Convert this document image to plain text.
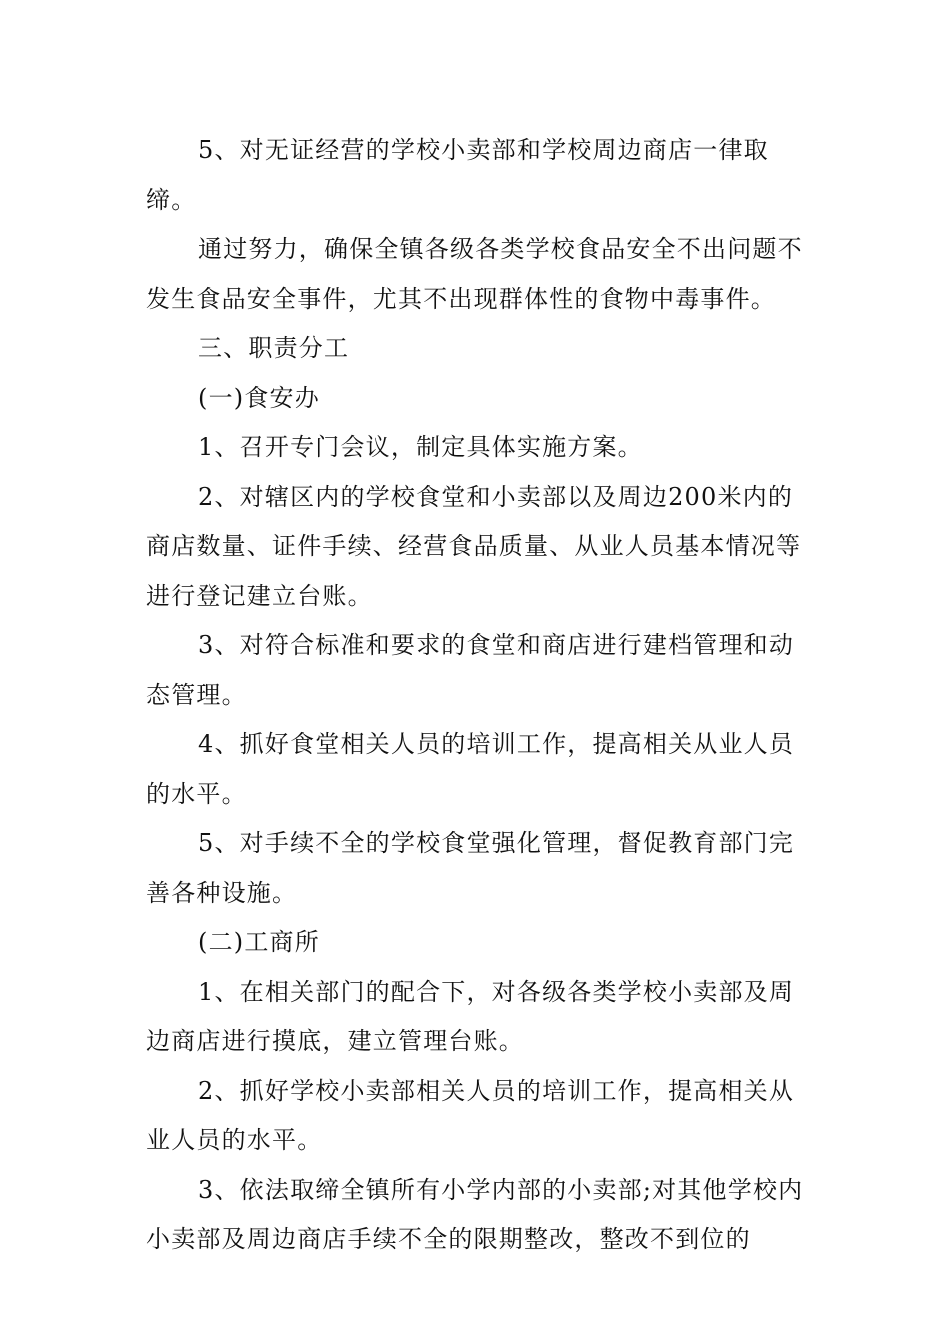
5、对无证经营的学校小卖部和学校周边商店一律取缔。

通过努力，确保全镇各级各类学校食品安全不出问题不发生食品安全事件，尤其不出现群体性的食物中毒事件。

三、职责分工

(一)食安办

1、召开专门会议，制定具体实施方案。

2、对辖区内的学校食堂和小卖部以及周边200米内的商店数量、证件手续、经营食品质量、从业人员基本情况等进行登记建立台账。

3、对符合标准和要求的食堂和商店进行建档管理和动态管理。

4、抓好食堂相关人员的培训工作，提高相关从业人员的水平。

5、对手续不全的学校食堂强化管理，督促教育部门完善各种设施。

(二)工商所

1、在相关部门的配合下，对各级各类学校小卖部及周边商店进行摸底，建立管理台账。

2、抓好学校小卖部相关人员的培训工作，提高相关从业人员的水平。

3、依法取缔全镇所有小学内部的小卖部;对其他学校内小卖部及周边商店手续不全的限期整改，整改不到位的
